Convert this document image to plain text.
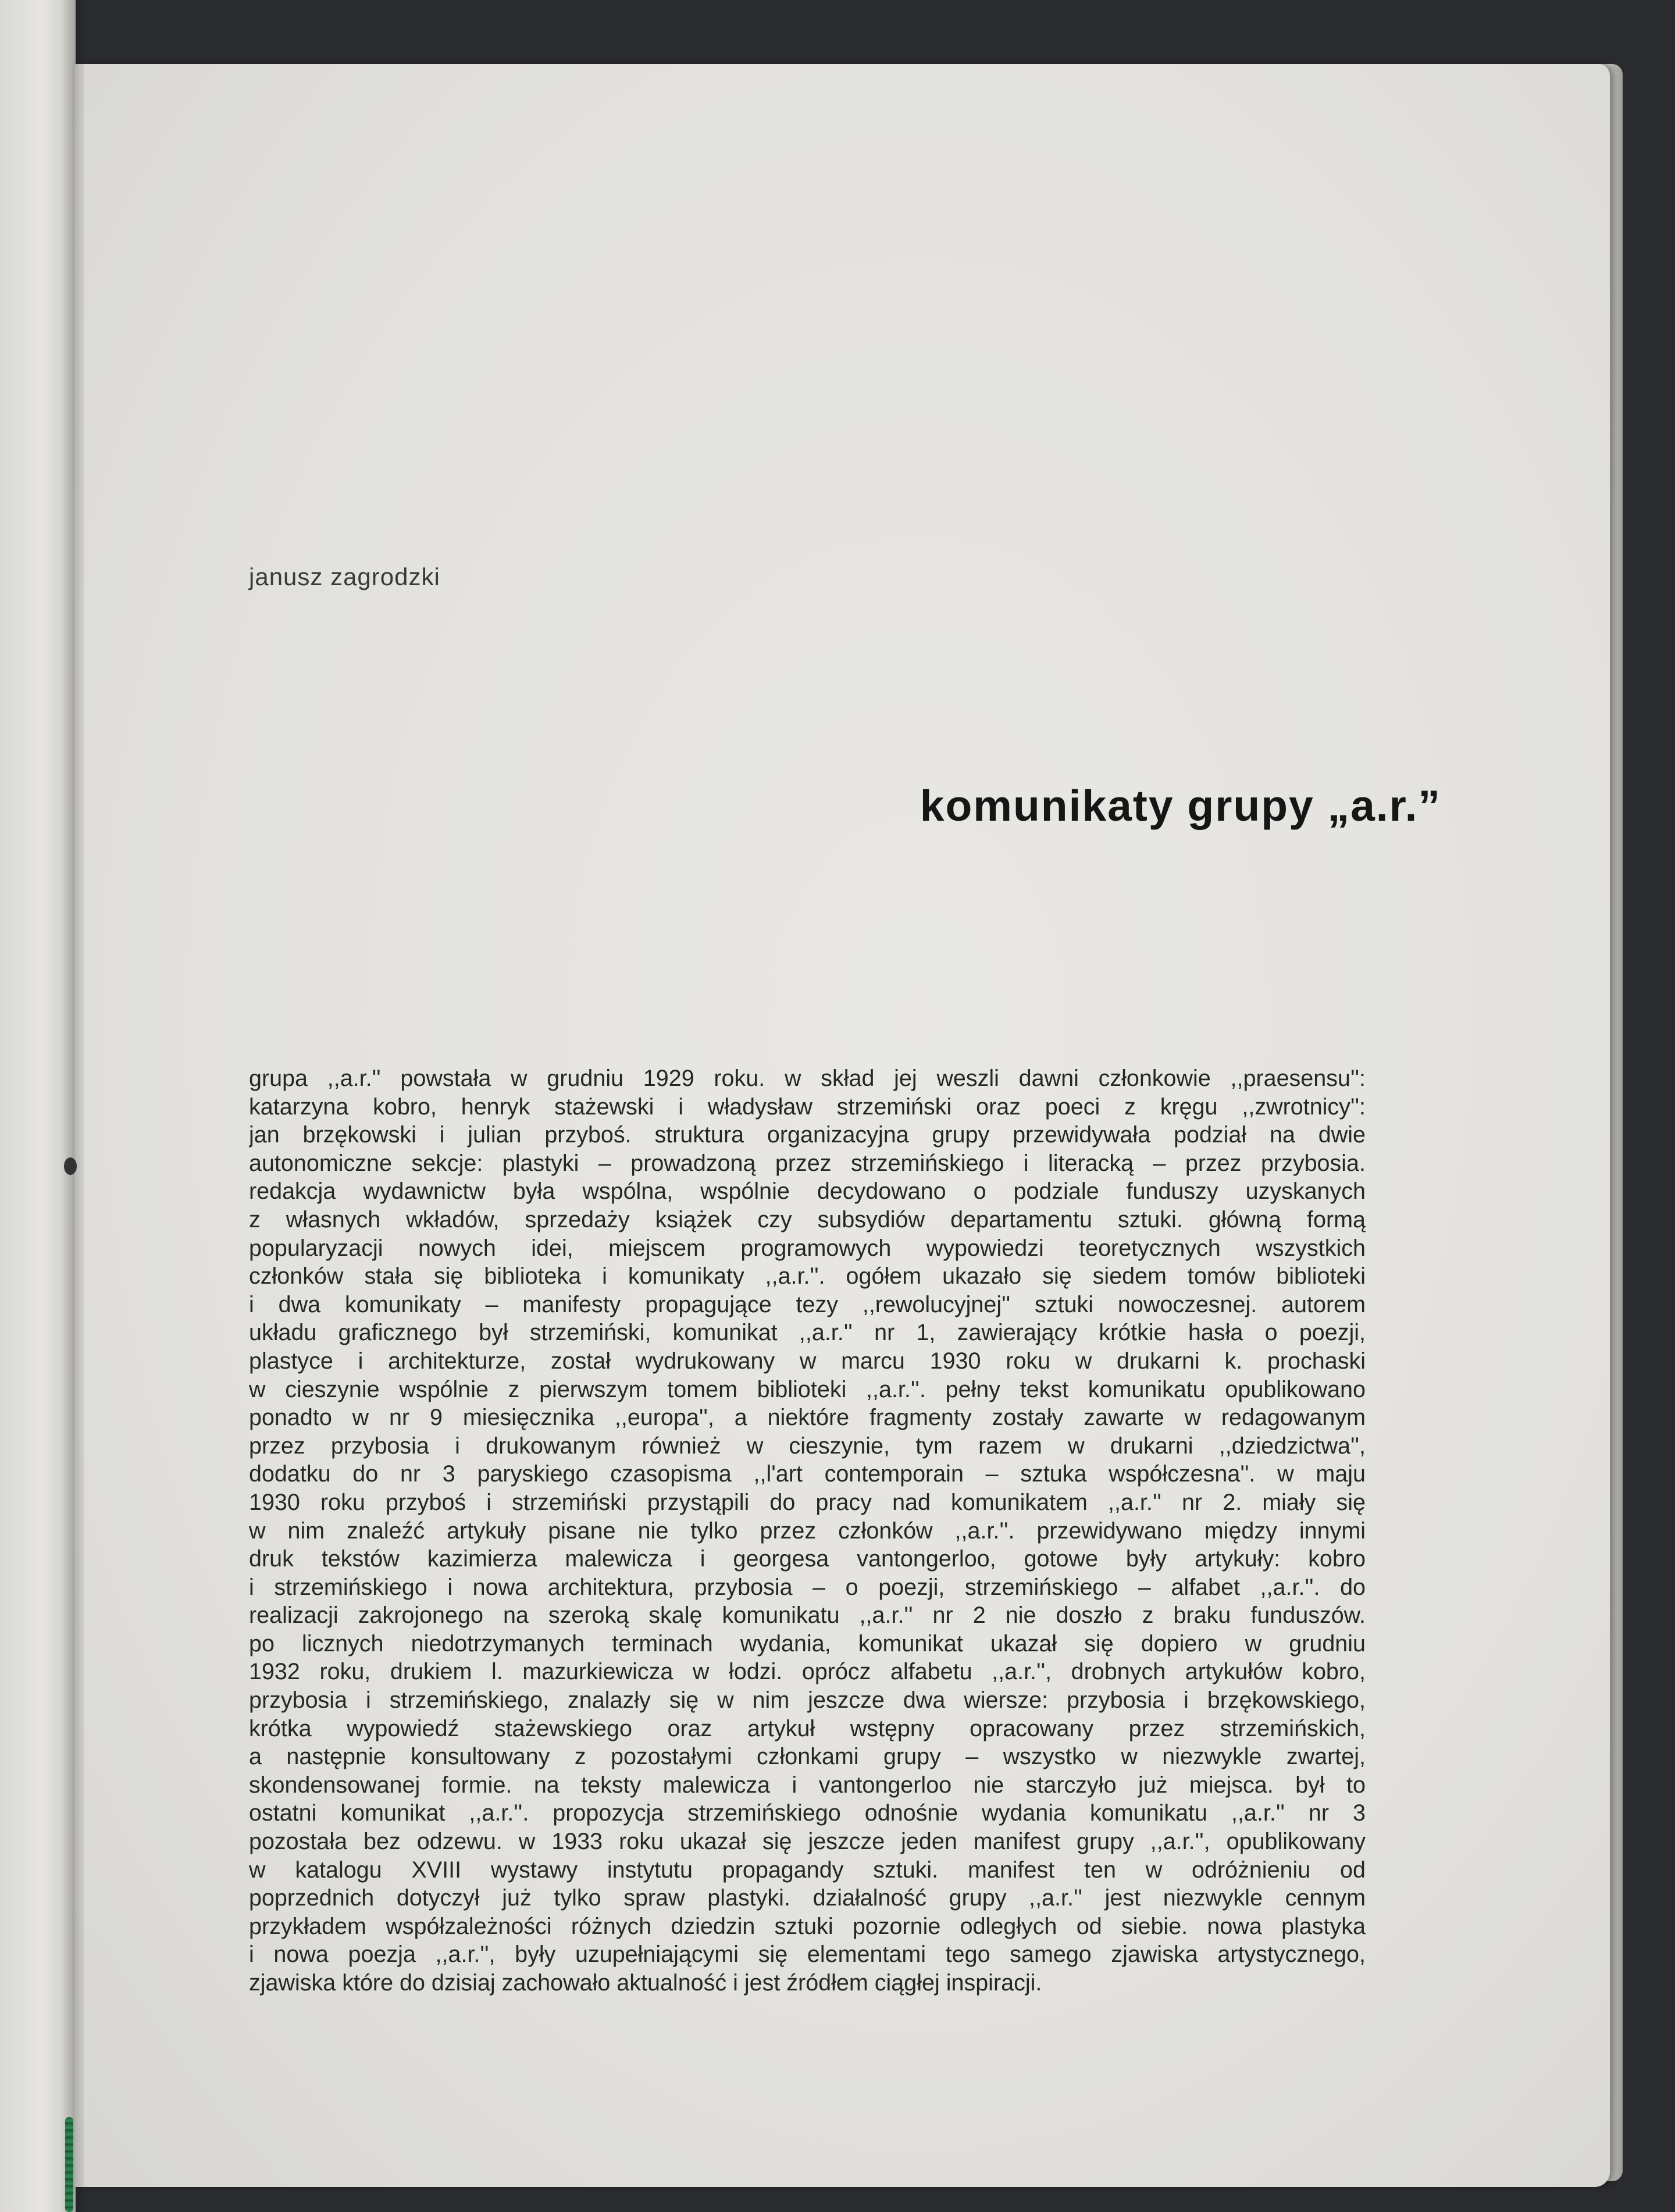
janusz zagrodzki
komunikaty grupy „a.r.”
grupa ,,a.r.'' powstała w grudniu 1929 roku. w skład jej weszli dawni członkowie ,,praesensu'':
katarzyna kobro, henryk stażewski i władysław strzemiński oraz poeci z kręgu ,,zwrotnicy'':
jan brzękowski i julian przyboś. struktura organizacyjna grupy przewidywała podział na dwie
autonomiczne sekcje: plastyki – prowadzoną przez strzemińskiego i literacką – przez przybosia.
redakcja wydawnictw była wspólna, wspólnie decydowano o podziale funduszy uzyskanych
z własnych wkładów, sprzedaży książek czy subsydiów departamentu sztuki. główną formą
popularyzacji nowych idei, miejscem programowych wypowiedzi teoretycznych wszystkich
członków stała się biblioteka i komunikaty ,,a.r.''. ogółem ukazało się siedem tomów biblioteki
i dwa komunikaty – manifesty propagujące tezy ,,rewolucyjnej'' sztuki nowoczesnej. autorem
układu graficznego był strzemiński, komunikat ,,a.r.'' nr 1, zawierający krótkie hasła o poezji,
plastyce i architekturze, został wydrukowany w marcu 1930 roku w drukarni k. prochaski
w cieszynie wspólnie z pierwszym tomem biblioteki ,,a.r.''. pełny tekst komunikatu opublikowano
ponadto w nr 9 miesięcznika ,,europa'', a niektóre fragmenty zostały zawarte w redagowanym
przez przybosia i drukowanym również w cieszynie, tym razem w drukarni ,,dziedzictwa'',
dodatku do nr 3 paryskiego czasopisma ,,l'art contemporain – sztuka współczesna''. w maju
1930 roku przyboś i strzemiński przystąpili do pracy nad komunikatem ,,a.r.'' nr 2. miały się
w nim znaleźć artykuły pisane nie tylko przez członków ,,a.r.''. przewidywano między innymi
druk tekstów kazimierza malewicza i georgesa vantongerloo, gotowe były artykuły: kobro
i strzemińskiego i nowa architektura, przybosia – o poezji, strzemińskiego – alfabet ,,a.r.''. do
realizacji zakrojonego na szeroką skalę komunikatu ,,a.r.'' nr 2 nie doszło z braku funduszów.
po licznych niedotrzymanych terminach wydania, komunikat ukazał się dopiero w grudniu
1932 roku, drukiem l. mazurkiewicza w łodzi. oprócz alfabetu ,,a.r.'', drobnych artykułów kobro,
przybosia i strzemińskiego, znalazły się w nim jeszcze dwa wiersze: przybosia i brzękowskiego,
krótka wypowiedź stażewskiego oraz artykuł wstępny opracowany przez strzemińskich,
a następnie konsultowany z pozostałymi członkami grupy – wszystko w niezwykle zwartej,
skondensowanej formie. na teksty malewicza i vantongerloo nie starczyło już miejsca. był to
ostatni komunikat ,,a.r.''. propozycja strzemińskiego odnośnie wydania komunikatu ,,a.r.'' nr 3
pozostała bez odzewu. w 1933 roku ukazał się jeszcze jeden manifest grupy ,,a.r.'', opublikowany
w katalogu XVIII wystawy instytutu propagandy sztuki. manifest ten w odróżnieniu od
poprzednich dotyczył już tylko spraw plastyki. działalność grupy ,,a.r.'' jest niezwykle cennym
przykładem współzależności różnych dziedzin sztuki pozornie odległych od siebie. nowa plastyka
i nowa poezja ,,a.r.'', były uzupełniającymi się elementami tego samego zjawiska artystycznego,
zjawiska które do dzisiaj zachowało aktualność i jest źródłem ciągłej inspiracji.
